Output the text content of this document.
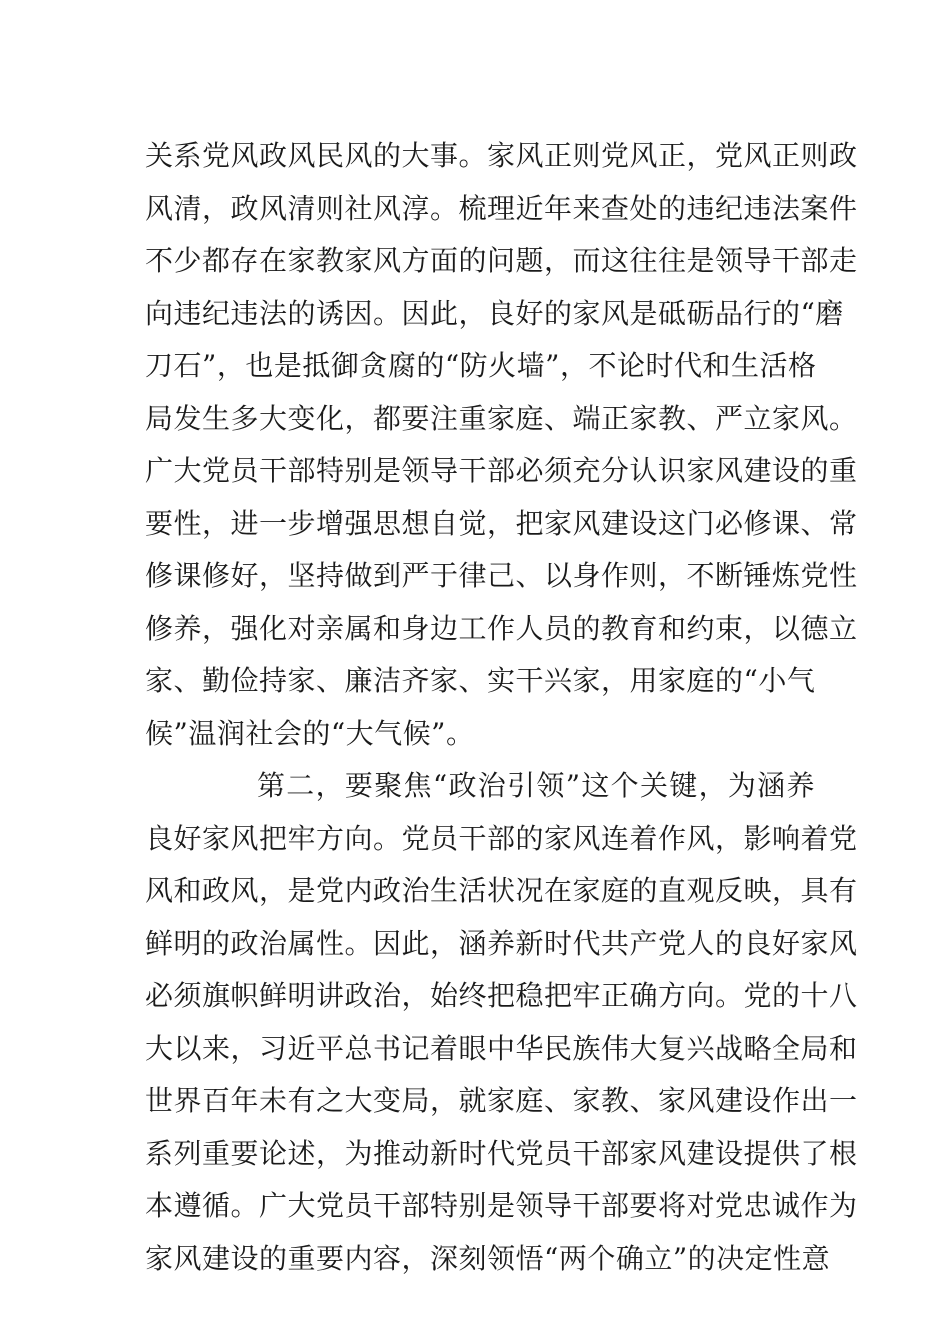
关系党风政风民风的大事。家风正则党风正，党风正则政
风清，政风清则社风淳。梳理近年来查处的违纪违法案件
不少都存在家教家风方面的问题，而这往往是领导干部走
向违纪违法的诱因。因此，良好的家风是砥砺品行的“磨
刀石”，也是抵御贪腐的“防火墙”，不论时代和生活格
局发生多大变化，都要注重家庭、端正家教、严立家风。
广大党员干部特别是领导干部必须充分认识家风建设的重
要性，进一步增强思想自觉，把家风建设这门必修课、常
修课修好，坚持做到严于律己、以身作则，不断锤炼党性
修养，强化对亲属和身边工作人员的教育和约束，以德立
家、勤俭持家、廉洁齐家、实干兴家，用家庭的“小气
候”温润社会的“大气候”。
第二，要聚焦“政治引领”这个关键，为涵养
良好家风把牢方向。党员干部的家风连着作风，影响着党
风和政风，是党内政治生活状况在家庭的直观反映，具有
鲜明的政治属性。因此，涵养新时代共产党人的良好家风
必须旗帜鲜明讲政治，始终把稳把牢正确方向。党的十八
大以来，习近平总书记着眼中华民族伟大复兴战略全局和
世界百年未有之大变局，就家庭、家教、家风建设作出一
系列重要论述，为推动新时代党员干部家风建设提供了根
本遵循。广大党员干部特别是领导干部要将对党忠诚作为
家风建设的重要内容，深刻领悟“两个确立”的决定性意
